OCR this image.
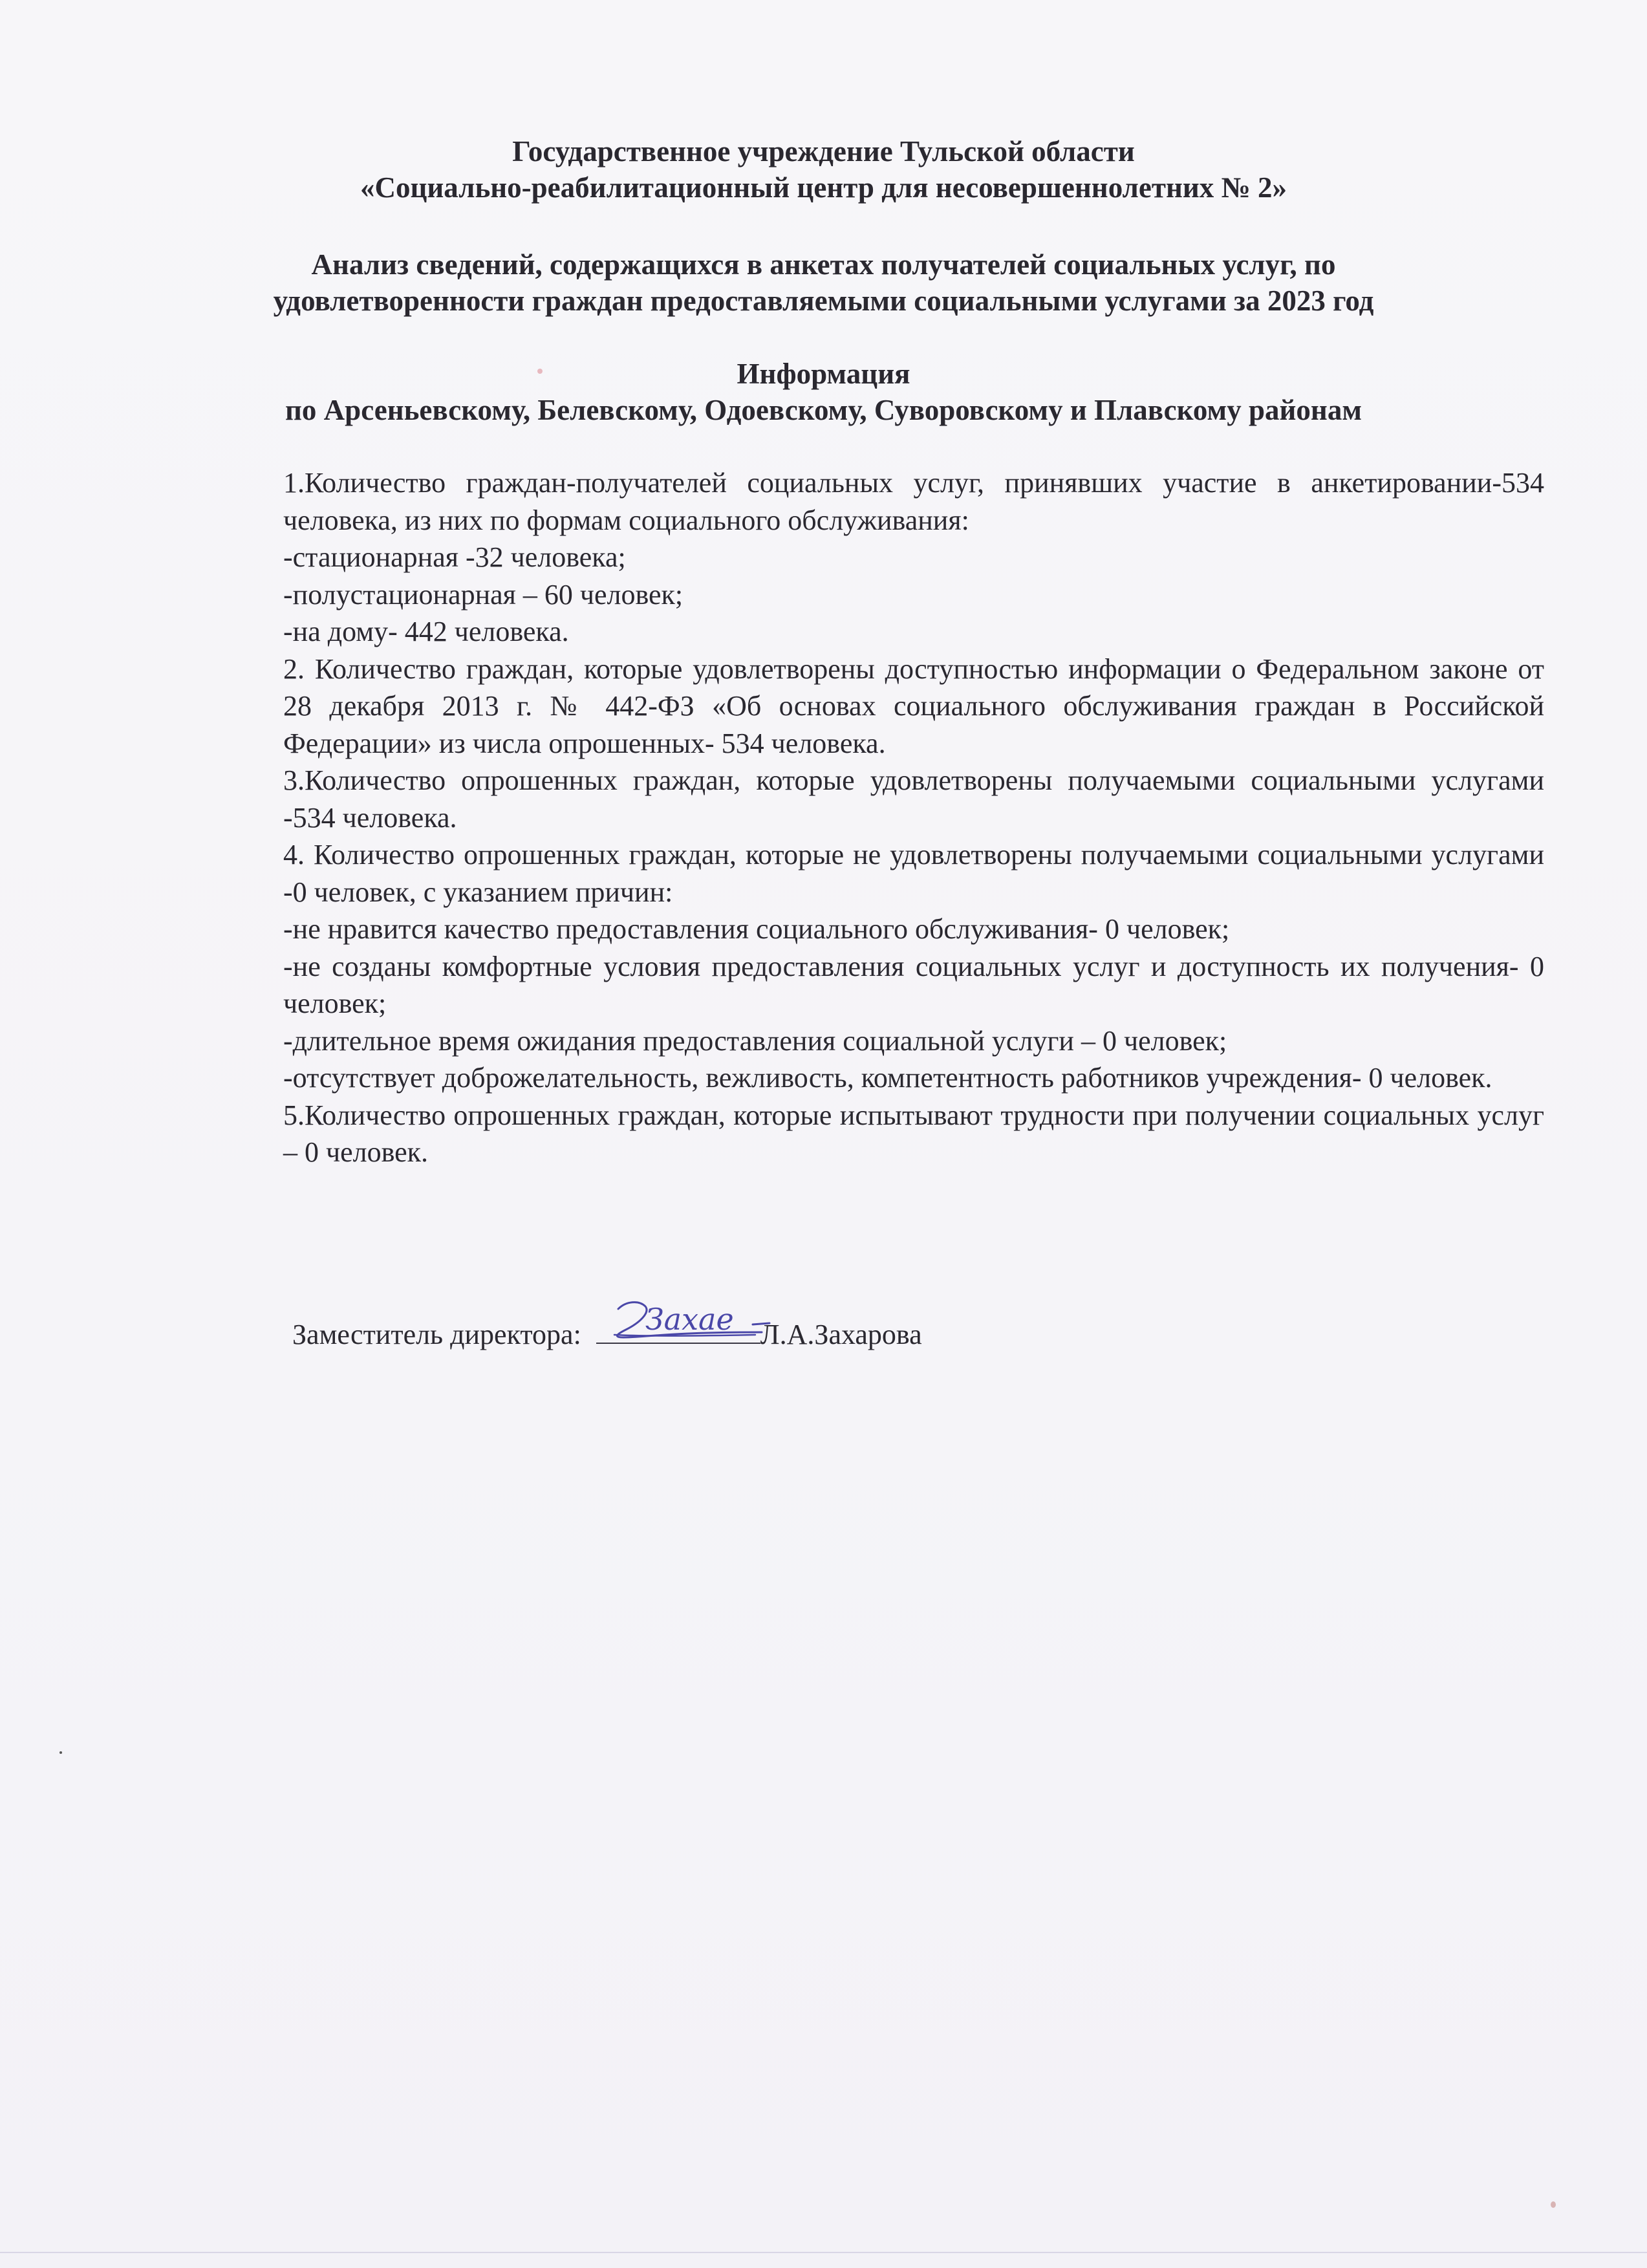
Государственное учреждение Тульской области
«Социально-реабилитационный центр для несовершеннолетних № 2»
Анализ сведений, содержащихся в анкетах получателей социальных услуг, по
удовлетворенности граждан предоставляемыми социальными услугами за 2023 год
Информация
по Арсеньевскому, Белевскому, Одоевскому, Суворовскому и Плавскому районам

1.Количество граждан-получателей социальных услуг, принявших участие в анкетировании-534 человека, из них по формам социального обслуживания:

-стационарная -32 человека;

-полустационарная – 60 человек;

-на дому- 442 человека.

2. Количество граждан, которые удовлетворены доступностью информации о Федеральном законе от 28 декабря 2013 г. № 442-ФЗ «Об основах социального обслуживания граждан в Российской Федерации» из числа опрошенных- 534 человека.

3.Количество опрошенных граждан, которые удовлетворены получаемыми социальными услугами -534 человека.

4. Количество опрошенных граждан, которые не удовлетворены получаемыми социальными услугами -0 человек, с указанием причин:

-не нравится качество предоставления социального обслуживания- 0 человек;

-не созданы комфортные условия предоставления социальных услуг и доступность их получения- 0 человек;

-длительное время ожидания предоставления социальной услуги – 0 человек;

-отсутствует доброжелательность, вежливость, компетентность работников учреждения- 0 человек.

5.Количество опрошенных граждан, которые испытывают трудности при получении социальных услуг – 0 человек.

Заместитель директора: Захае Л.А.Захарова
